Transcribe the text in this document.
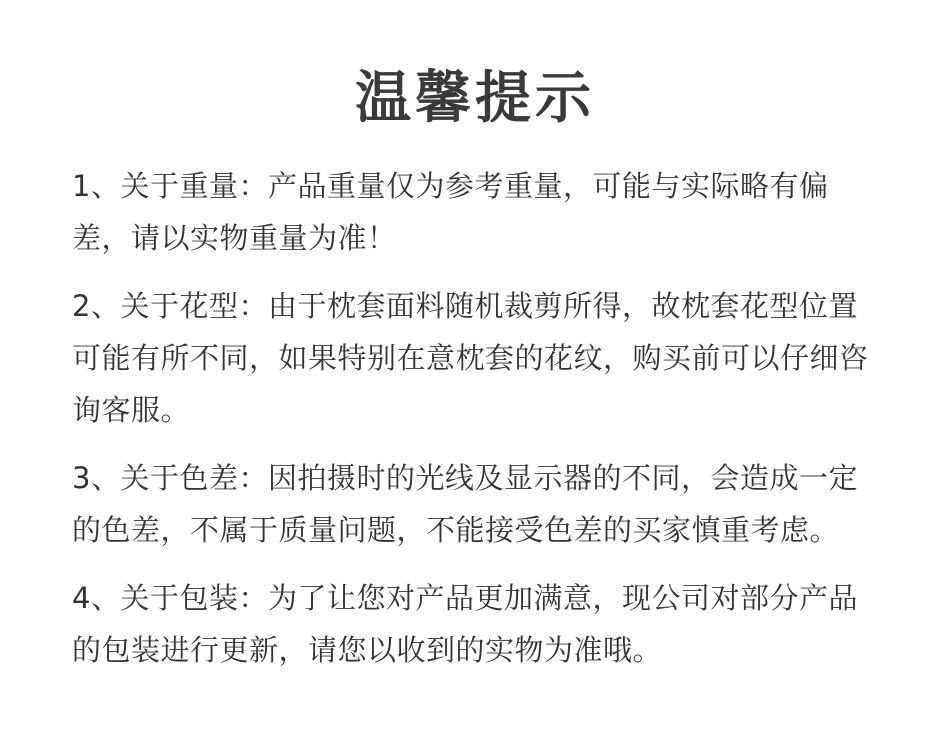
温馨提示
1、关于重量：产品重量仅为参考重量，可能与实际略有偏差，请以实物重量为准！
2、关于花型：由于枕套面料随机裁剪所得，故枕套花型位置可能有所不同，如果特别在意枕套的花纹，购买前可以仔细咨询客服。
3、关于色差：因拍摄时的光线及显示器的不同，会造成一定的色差，不属于质量问题，不能接受色差的买家慎重考虑。
4、关于包装：为了让您对产品更加满意，现公司对部分产品的包装进行更新，请您以收到的实物为准哦。
